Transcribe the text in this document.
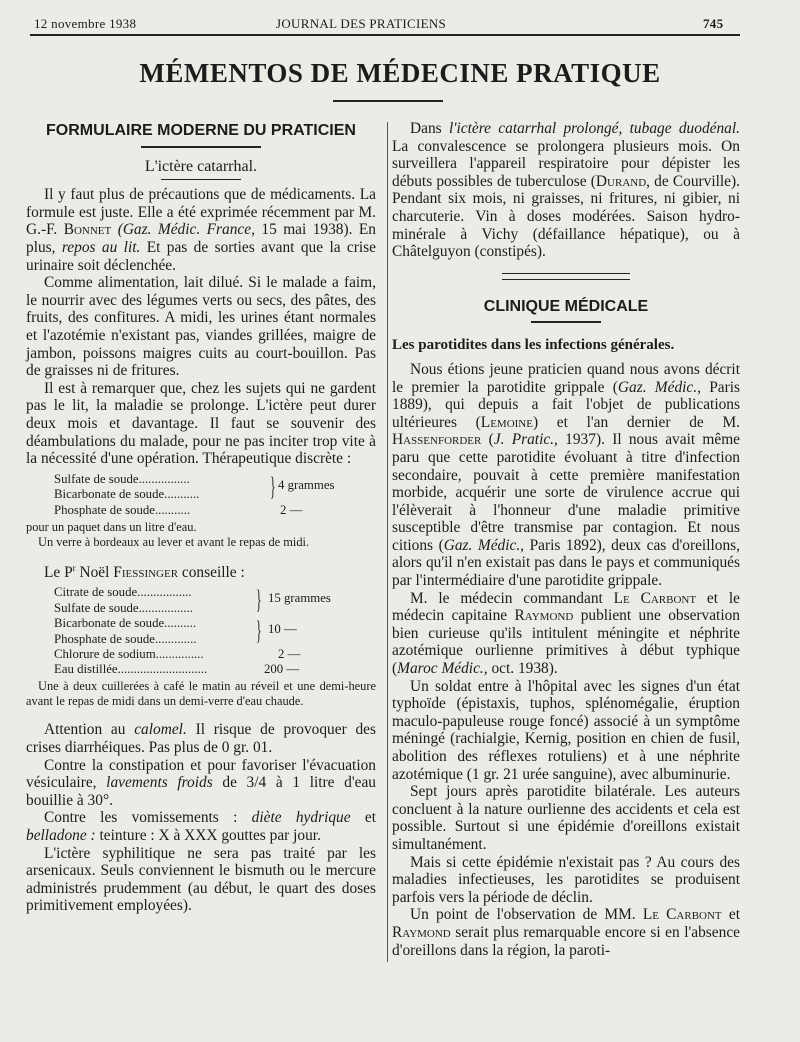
12 novembre 1938	JOURNAL DES PRATICIENS	745
MÉMENTOS DE MÉDECINE PRATIQUE
FORMULAIRE MODERNE DU PRATICIEN
L'ictère catarrhal.

Il y faut plus de précautions que de médicaments. La formule est juste. Elle a été exprimée récemment par M. G.-F. Bonnet (Gaz. Médic. France, 15 mai 1938). En plus, repos au lit. Et pas de sorties avant que la crise urinaire soit déclenchée.

Comme alimentation, lait dilué. Si le malade a faim, le nourrir avec des légumes verts ou secs, des pâtes, des fruits, des confitures. A midi, les urines étant normales et l'azotémie n'existant pas, viandes grillées, maigre de jambon, poissons maigres cuits au court-bouillon. Pas de graisses ni de fritures.

Il est à remarquer que, chez les sujets qui ne gardent pas le lit, la maladie se prolonge. L'ictère peut durer deux mois et davantage. Il faut se souvenir des déambulations du malade, pour ne pas inciter trop vite à la nécessité d'une opération. Thérapeutique discrète :

Sulfate de soude................
Bicarbonate de soude...........
Phosphate de soude...........
} 4 grammes
2 —
pour un paquet dans un litre d'eau.
Un verre à bordeaux au lever et avant le repas de midi.

Le $P^r$ Noël Fiessinger conseille :

Citrate de soude.................
Sulfate de soude.................
Bicarbonate de soude..........
Phosphate de soude.............
Chlorure de sodium...............
Eau distillée............................
}
}
15 grammes
10 —
2 —
200 —
Une à deux cuillerées à café le matin au réveil et une demi-heure avant le repas de midi dans un demi-verre d'eau chaude.

Attention au calomel. Il risque de provoquer des crises diarrhéiques. Pas plus de 0 gr. 01.

Contre la constipation et pour favoriser l'évacuation vésiculaire, lavements froids de 3/4 à 1 litre d'eau bouillie à 30°.

Contre les vomissements : diète hydrique et belladone : teinture : X à XXX gouttes par jour.

L'ictère syphilitique ne sera pas traité par les arsenicaux. Seuls conviennent le bismuth ou le mercure administrés prudemment (au début, le quart des doses primitivement employées).

Dans l'ictère catarrhal prolongé, tubage duodénal. La convalescence se prolongera plusieurs mois. On surveillera l'appareil respiratoire pour dépister les débuts possibles de tuberculose (Durand, de Courville). Pendant six mois, ni graisses, ni fritures, ni gibier, ni charcuterie. Vin à doses modérées. Saison hydro-minérale à Vichy (défaillance hépatique), ou à Châtelguyon (constipés).

CLINIQUE MÉDICALE
Les parotidites dans les infections générales.

Nous étions jeune praticien quand nous avons décrit le premier la parotidite grippale (Gaz. Médic., Paris 1889), qui depuis a fait l'objet de publications ultérieures (Lemoine) et l'an dernier de M. Hassenforder (J. Pratic., 1937). Il nous avait même paru que cette parotidite évoluant à titre d'infection secondaire, pouvait à cette première manifestation morbide, acquérir une sorte de virulence accrue qui l'élèverait à l'honneur d'une maladie primitive susceptible d'être transmise par contagion. Et nous citions (Gaz. Médic., Paris 1892), deux cas d'oreillons, alors qu'il n'en existait pas dans le pays et communiqués par l'intermédiaire d'une parotidite grippale.

M. le médecin commandant Le Carbont et le médecin capitaine Raymond publient une observation bien curieuse qu'ils intitulent méningite et néphrite azotémique ourlienne primitives à début typhique (Maroc Médic., oct. 1938).

Un soldat entre à l'hôpital avec les signes d'un état typhoïde (épistaxis, tuphos, splénomégalie, éruption maculo-papuleuse rouge foncé) associé à un symptôme méningé (rachialgie, Kernig, position en chien de fusil, abolition des réflexes rotuliens) et à une néphrite azotémique (1 gr. 21 urée sanguine), avec albuminurie.

Sept jours après parotidite bilatérale. Les auteurs concluent à la nature ourlienne des accidents et cela est possible. Surtout si une épidémie d'oreillons existait simultanément.

Mais si cette épidémie n'existait pas ? Au cours des maladies infectieuses, les parotidites se produisent parfois vers la période de déclin.

Un point de l'observation de MM. Le Carbont et Raymond serait plus remarquable encore si en l'absence d'oreillons dans la région, la paroti-
